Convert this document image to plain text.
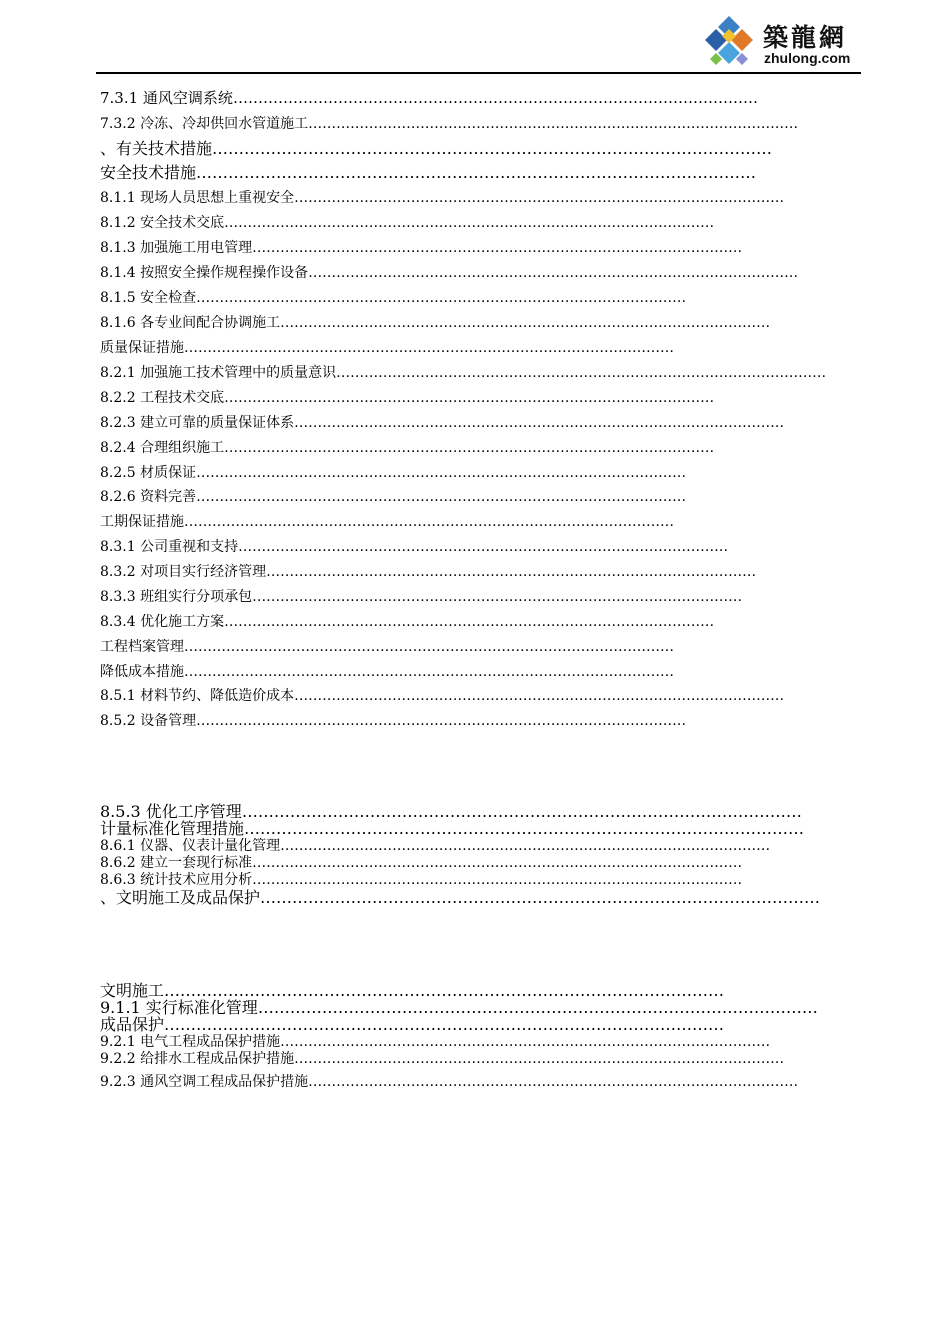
築龍網
zhulong.com
7.3.1 通风空调系统……………………………………………………………………………………………
7.3.2 冷冻、冷却供回水管道施工……………………………………………………………………………………………
、有关技术措施……………………………………………………………………………………………
安全技术措施……………………………………………………………………………………………
8.1.1 现场人员思想上重视安全……………………………………………………………………………………………
8.1.2 安全技术交底……………………………………………………………………………………………
8.1.3 加强施工用电管理……………………………………………………………………………………………
8.1.4 按照安全操作规程操作设备……………………………………………………………………………………………
8.1.5 安全检查……………………………………………………………………………………………
8.1.6 各专业间配合协调施工……………………………………………………………………………………………
质量保证措施……………………………………………………………………………………………
8.2.1 加强施工技术管理中的质量意识……………………………………………………………………………………………
8.2.2 工程技术交底……………………………………………………………………………………………
8.2.3 建立可靠的质量保证体系……………………………………………………………………………………………
8.2.4 合理组织施工……………………………………………………………………………………………
8.2.5 材质保证……………………………………………………………………………………………
8.2.6 资料完善……………………………………………………………………………………………
工期保证措施……………………………………………………………………………………………
8.3.1 公司重视和支持……………………………………………………………………………………………
8.3.2 对项目实行经济管理……………………………………………………………………………………………
8.3.3 班组实行分项承包……………………………………………………………………………………………
8.3.4 优化施工方案……………………………………………………………………………………………
工程档案管理……………………………………………………………………………………………
降低成本措施……………………………………………………………………………………………
8.5.1 材料节约、降低造价成本……………………………………………………………………………………………
8.5.2 设备管理……………………………………………………………………………………………
8.5.3 优化工序管理……………………………………………………………………………………………
计量标准化管理措施……………………………………………………………………………………………
8.6.1 仪器、仪表计量化管理……………………………………………………………………………………………
8.6.2 建立一套现行标准……………………………………………………………………………………………
8.6.3 统计技术应用分析……………………………………………………………………………………………
、文明施工及成品保护……………………………………………………………………………………………
文明施工……………………………………………………………………………………………
9.1.1 实行标准化管理……………………………………………………………………………………………
成品保护……………………………………………………………………………………………
9.2.1 电气工程成品保护措施……………………………………………………………………………………………
9.2.2 给排水工程成品保护措施……………………………………………………………………………………………
9.2.3 通风空调工程成品保护措施……………………………………………………………………………………………
